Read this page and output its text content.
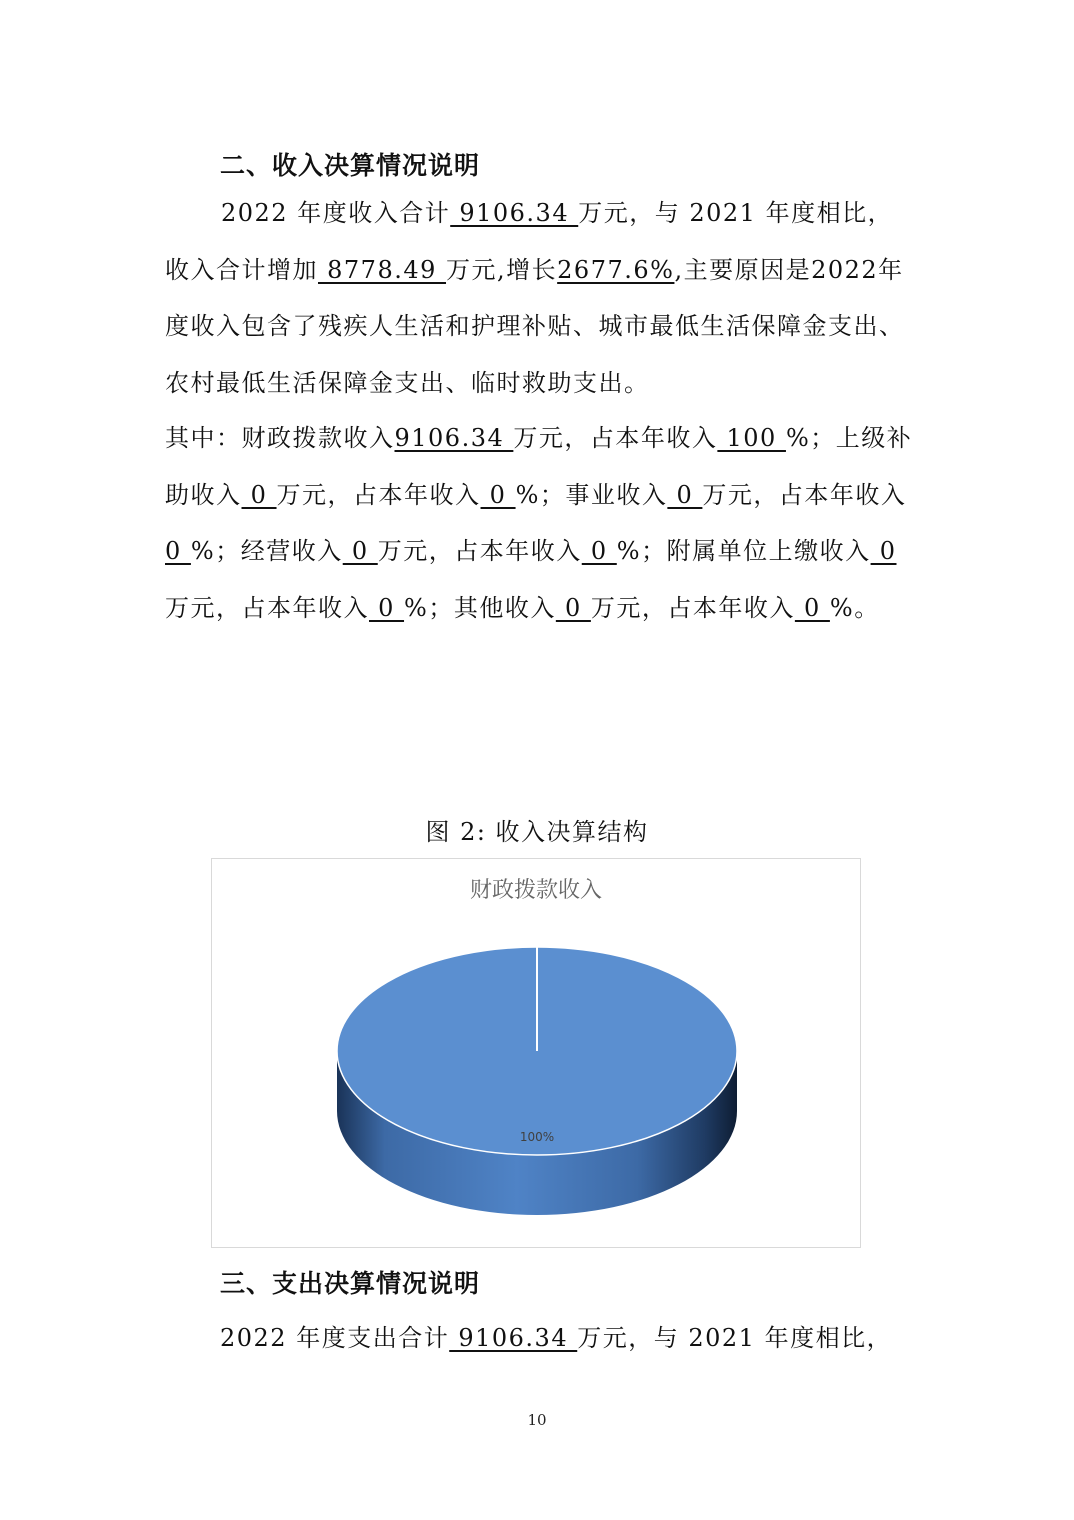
二、收入决算情况说明

2022 年度收入合计 9106.34 万元，与 2021 年度相比，收入合计增加 8778.49 万元,增长2677.6%,主要原因是2022年度收入包含了残疾人生活和护理补贴、城市最低生活保障金支出、农村最低生活保障金支出、临时救助支出。

其中：财政拨款收入9106.34 万元，占本年收入 100 %；上级补助收入 0 万元，占本年收入 0 %；事业收入 0 万元，占本年收入 0 %；经营收入 0 万元，占本年收入 0 %；附属单位上缴收入 0 万元，占本年收入 0 %；其他收入 0 万元，占本年收入 0 %。

图 2: 收入决算结构
财政拨款收入
100%
三、支出决算情况说明

2022 年度支出合计 9106.34 万元，与 2021 年度相比，

10
